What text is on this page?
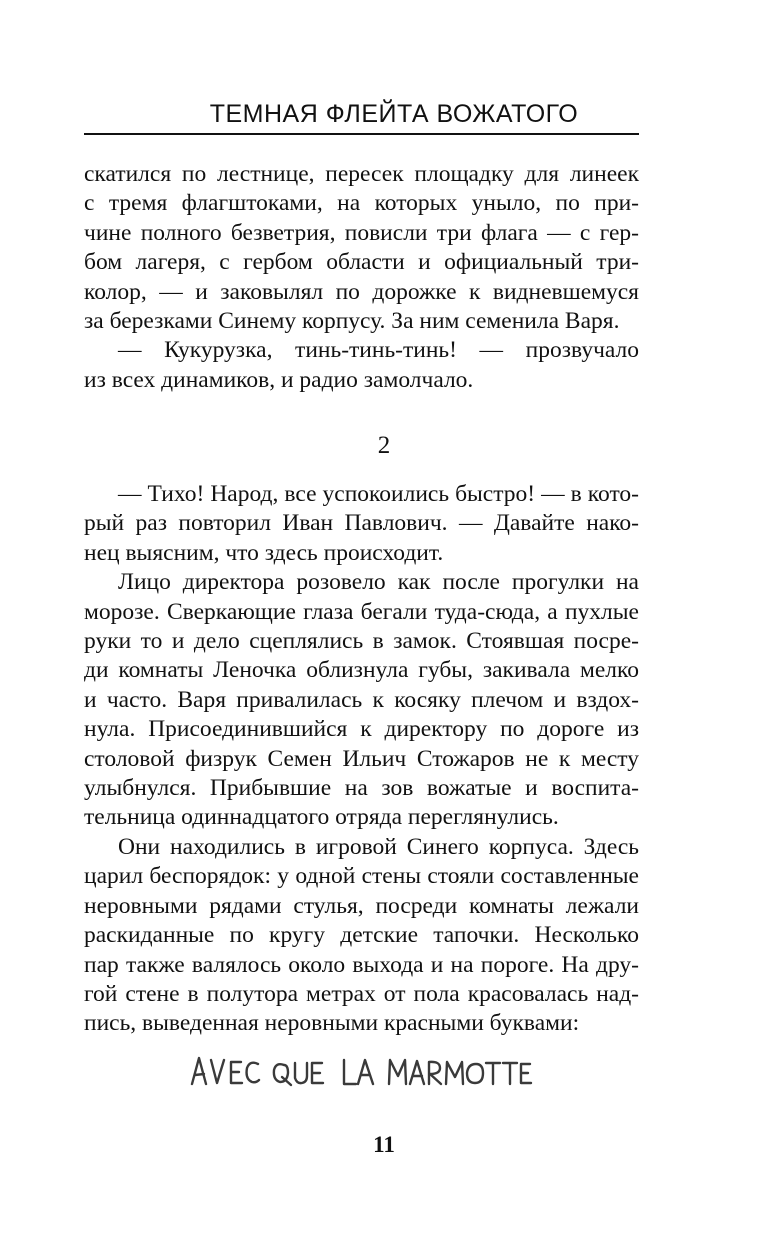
ТЕМНАЯ ФЛЕЙТА ВОЖАТОГО
скатился по лестнице, пересек площадку для линеек
с тремя флагштоками, на которых уныло, по при-
чине полного безветрия, повисли три флага — с гер-
бом лагеря, с гербом области и официальный три-
колор, — и заковылял по дорожке к видневшемуся
за березками Синему корпусу. За ним семенила Варя.
— Кукурузка, тинь-тинь-тинь! — прозвучало
из всех динамиков, и радио замолчало.
2
— Тихо! Народ, все успокоились быстро! — в кото-
рый раз повторил Иван Павлович. — Давайте нако-
нец выясним, что здесь происходит.
Лицо директора розовело как после прогулки на
морозе. Сверкающие глаза бегали туда-сюда, а пухлые
руки то и дело сцеплялись в замок. Стоявшая посре-
ди комнаты Леночка облизнула губы, закивала мелко
и часто. Варя привалилась к косяку плечом и вздох-
нула. Присоединившийся к директору по дороге из
столовой физрук Семен Ильич Стожаров не к месту
улыбнулся. Прибывшие на зов вожатые и воспита-
тельница одиннадцатого отряда переглянулись.
Они находились в игровой Синего корпуса. Здесь
царил беспорядок: у одной стены стояли составленные
неровными рядами стулья, посреди комнаты лежали
раскиданные по кругу детские тапочки. Несколько
пар также валялось около выхода и на пороге. На дру-
гой стене в полутора метрах от пола красовалась над-
пись, выведенная неровными красными буквами:
11
